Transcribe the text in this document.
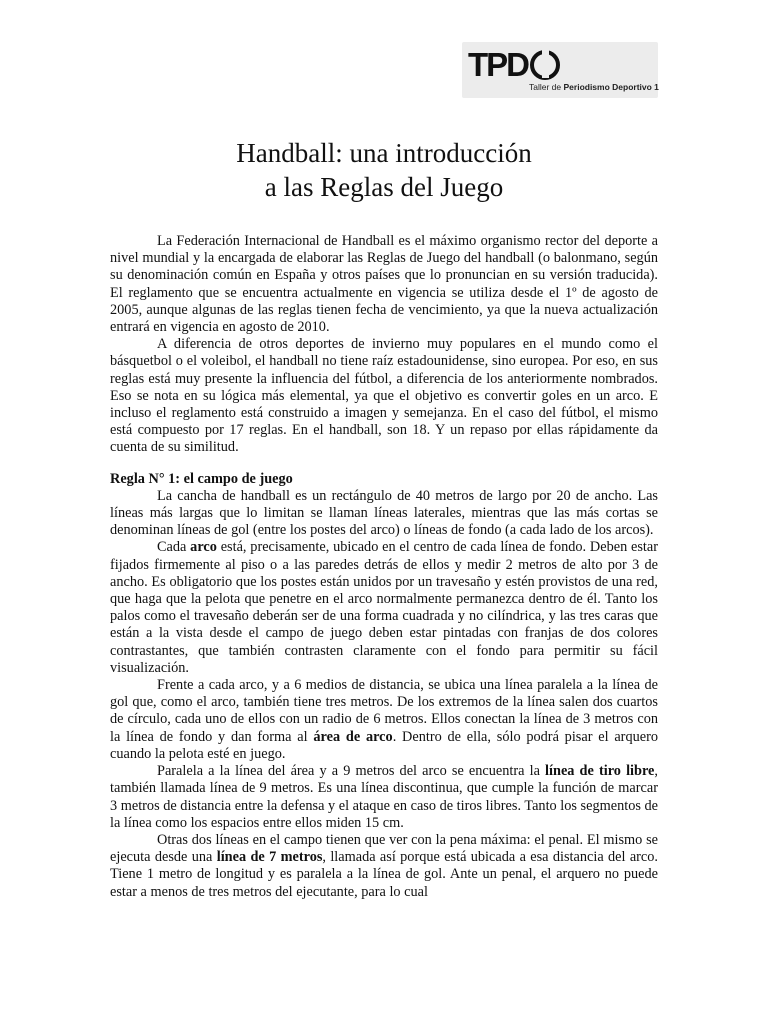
TPD
Taller de Periodismo Deportivo 1
Handball: una introducción
a las Reglas del Juego

La Federación Internacional de Handball es el máximo organismo rector del deporte a nivel mundial y la encargada de elaborar las Reglas de Juego del handball (o balonmano, según su denominación común en España y otros países que lo pronuncian en su versión traducida). El reglamento que se encuentra actualmente en vigencia se utiliza desde el 1º de agosto de 2005, aunque algunas de las reglas tienen fecha de vencimiento, ya que la nueva actualización entrará en vigencia en agosto de 2010.

A diferencia de otros deportes de invierno muy populares en el mundo como el básquetbol o el voleibol, el handball no tiene raíz estadounidense, sino europea. Por eso, en sus reglas está muy presente la influencia del fútbol, a diferencia de los anteriormente nombrados. Eso se nota en su lógica más elemental, ya que el objetivo es convertir goles en un arco. E incluso el reglamento está construido a imagen y semejanza. En el caso del fútbol, el mismo está compuesto por 17 reglas. En el handball, son 18. Y un repaso por ellas rápidamente da cuenta de su similitud.

Regla N° 1: el campo de juego

La cancha de handball es un rectángulo de 40 metros de largo por 20 de ancho. Las líneas más largas que lo limitan se llaman líneas laterales, mientras que las más cortas se denominan líneas de gol (entre los postes del arco) o líneas de fondo (a cada lado de los arcos).

Cada arco está, precisamente, ubicado en el centro de cada línea de fondo. Deben estar fijados firmemente al piso o a las paredes detrás de ellos y medir 2 metros de alto por 3 de ancho. Es obligatorio que los postes están unidos por un travesaño y estén provistos de una red, que haga que la pelota que penetre en el arco normalmente permanezca dentro de él. Tanto los palos como el travesaño deberán ser de una forma cuadrada y no cilíndrica, y las tres caras que están a la vista desde el campo de juego deben estar pintadas con franjas de dos colores contrastantes, que también contrasten claramente con el fondo para permitir su fácil visualización.

Frente a cada arco, y a 6 medios de distancia, se ubica una línea paralela a la línea de gol que, como el arco, también tiene tres metros. De los extremos de la línea salen dos cuartos de círculo, cada uno de ellos con un radio de 6 metros. Ellos conectan la línea de 3 metros con la línea de fondo y dan forma al área de arco. Dentro de ella, sólo podrá pisar el arquero cuando la pelota esté en juego.

Paralela a la línea del área y a 9 metros del arco se encuentra la línea de tiro libre, también llamada línea de 9 metros. Es una línea discontinua, que cumple la función de marcar 3 metros de distancia entre la defensa y el ataque en caso de tiros libres. Tanto los segmentos de la línea como los espacios entre ellos miden 15 cm.

Otras dos líneas en el campo tienen que ver con la pena máxima: el penal. El mismo se ejecuta desde una línea de 7 metros, llamada así porque está ubicada a esa distancia del arco. Tiene 1 metro de longitud y es paralela a la línea de gol. Ante un penal, el arquero no puede estar a menos de tres metros del ejecutante, para lo cual
